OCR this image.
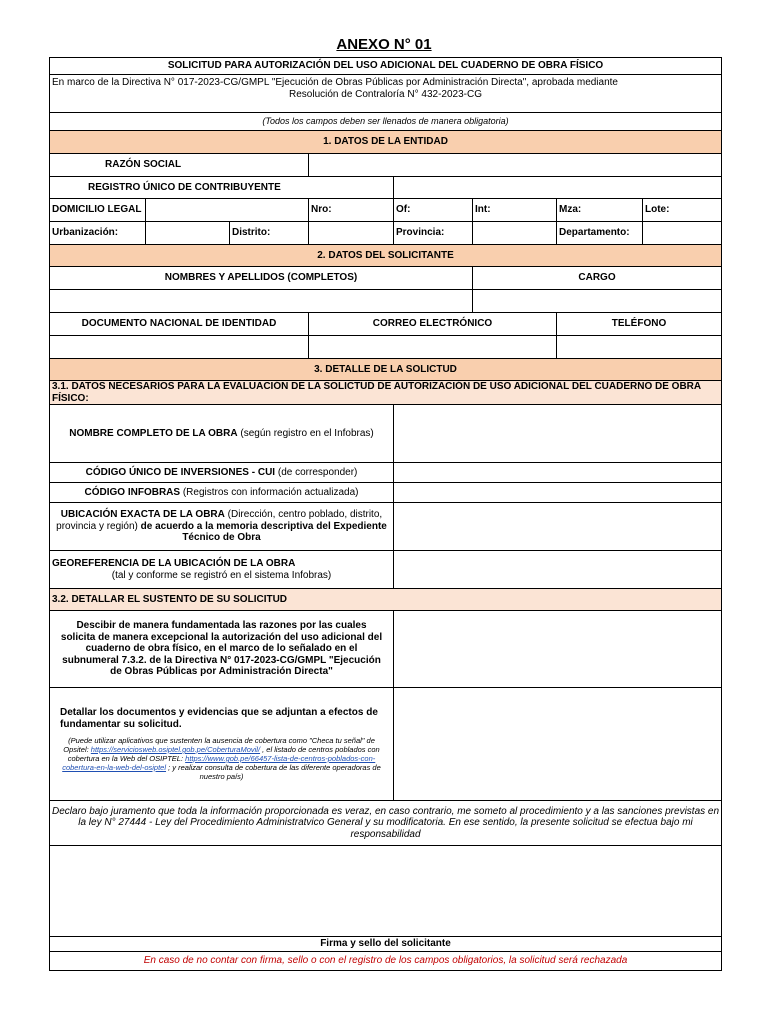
ANEXO N° 01
SOLICITUD PARA AUTORIZACIÓN DEL USO ADICIONAL DEL CUADERNO DE OBRA FÍSICO							

En marco de la Directiva N° 017-2023-CG/GMPL "Ejecución de Obras Públicas por Administración Directa", aprobada mediante
Resolución de Contraloría N° 432-2023-CG							

(Todos los campos deben ser llenados de manera obligatoria)							
1. DATOS DE LA ENTIDAD							
RAZÓN SOCIAL							
REGISTRO ÚNICO DE CONTRIBUYENTE							
DOMICILIO LEGAL			Nro:	Of:	Int:	Mza:	Lote:
Urbanización:		Distrito:		Provincia:		Departamento:	
2. DATOS DEL SOLICITANTE							
NOMBRES Y APELLIDOS (COMPLETOS)					CARGO		

DOCUMENTO NACIONAL DE IDENTIDAD			CORREO ELECTRÓNICO			TELÉFONO	

3. DETALLE DE LA SOLICTUD							
3.1. DATOS NECESARIOS PARA LA EVALUACIÓN DE LA SOLICTUD DE AUTORIZACIÓN DE USO ADICIONAL DEL CUADERNO DE OBRA FÍSICO:							
NOMBRE COMPLETO DE LA OBRA (según registro en el Infobras)							
CÓDIGO ÚNICO DE INVERSIONES - CUI (de corresponder)							
CÓDIGO INFOBRAS (Registros con información actualizada)							
UBICACIÓN EXACTA DE LA OBRA (Dirección, centro poblado, distrito, provincia y región) de acuerdo a la memoria descriptiva del Expediente Técnico de Obra							

GEOREFERENCIA DE LA UBICACIÓN DE LA OBRA
(tal y conforme se registró en el sistema Infobras)							

3.2. DETALLAR EL SUSTENTO DE SU SOLICITUD							
Descibir de manera fundamentada las razones por las cuales solicita de manera excepcional la autorización del uso adicional del cuaderno de obra físico, en el marco de lo señalado en el subnumeral 7.3.2. de la Directiva N° 017-2023-CG/GMPL "Ejecución de Obras Públicas por Administración Directa"							

Detallar los documentos y evidencias que se adjuntan a efectos de fundamentar su solicitud.
(Puede utilizar aplicativos que sustenten la ausencia de cobertura como "Checa tu señal" de Opsitel: https://serviciosweb.osiptel.gob.pe/CoberturaMovil/ , el listado de centros poblados con cobertura en la Web del OSIPTEL: https://www.gob.pe/66457-lista-de-centros-poblados-con-cobertura-en-la-web-del-osiptel ; y realizar consulta de cobertura de las diferente operadoras de nuestro país)							

Declaro bajo juramento que toda la información proporcionada es veraz, en caso contrario, me someto al procedimiento y a las sanciones previstas en la ley N° 27444 - Ley del Procedimiento Administratvico General y su modificatoria. En ese sentido, la presente solicitud se efectua bajo mi responsabilidad							

Firma y sello del solicitante							
En caso de no contar con firma, sello o con el registro de los campos obligatorios, la solicitud será rechazada							
